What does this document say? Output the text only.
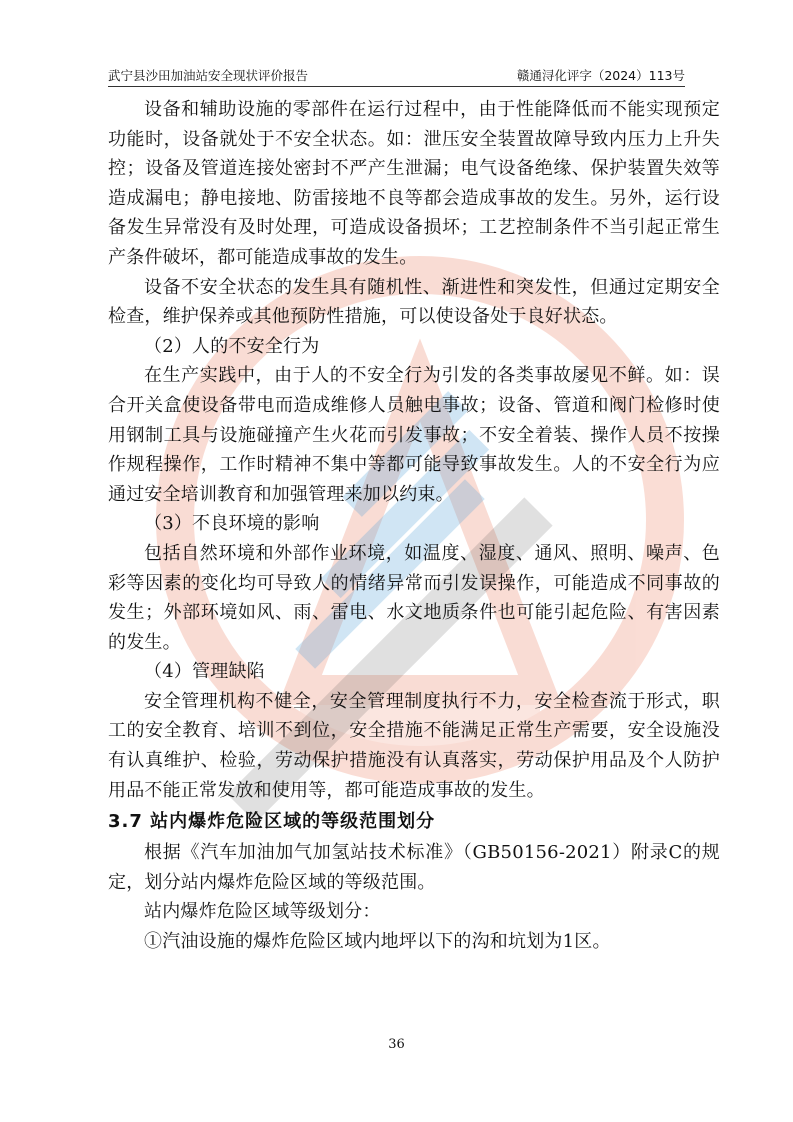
武宁县沙田加油站安全现状评价报告	赣通浔化评字（2024）113号

设备和辅助设施的零部件在运行过程中，由于性能降低而不能实现预定功能时，设备就处于不安全状态。如：泄压安全装置故障导致内压力上升失控；设备及管道连接处密封不严产生泄漏；电气设备绝缘、保护装置失效等造成漏电；静电接地、防雷接地不良等都会造成事故的发生。另外，运行设备发生异常没有及时处理，可造成设备损坏；工艺控制条件不当引起正常生产条件破坏，都可能造成事故的发生。

设备不安全状态的发生具有随机性、渐进性和突发性，但通过定期安全检查，维护保养或其他预防性措施，可以使设备处于良好状态。

（2）人的不安全行为

在生产实践中，由于人的不安全行为引发的各类事故屡见不鲜。如：误合开关盒使设备带电而造成维修人员触电事故；设备、管道和阀门检修时使用钢制工具与设施碰撞产生火花而引发事故；不安全着装、操作人员不按操作规程操作，工作时精神不集中等都可能导致事故发生。人的不安全行为应通过安全培训教育和加强管理来加以约束。

（3）不良环境的影响

包括自然环境和外部作业环境，如温度、湿度、通风、照明、噪声、色彩等因素的变化均可导致人的情绪异常而引发误操作，可能造成不同事故的发生；外部环境如风、雨、雷电、水文地质条件也可能引起危险、有害因素的发生。

（4）管理缺陷

安全管理机构不健全，安全管理制度执行不力，安全检查流于形式，职工的安全教育、培训不到位，安全措施不能满足正常生产需要，安全设施没有认真维护、检验，劳动保护措施没有认真落实，劳动保护用品及个人防护用品不能正常发放和使用等，都可能造成事故的发生。

3.7 站内爆炸危险区域的等级范围划分

根据《汽车加油加气加氢站技术标准》（GB50156-2021）附录C的规定，划分站内爆炸危险区域的等级范围。

站内爆炸危险区域等级划分：

①汽油设施的爆炸危险区域内地坪以下的沟和坑划为1区。

36
